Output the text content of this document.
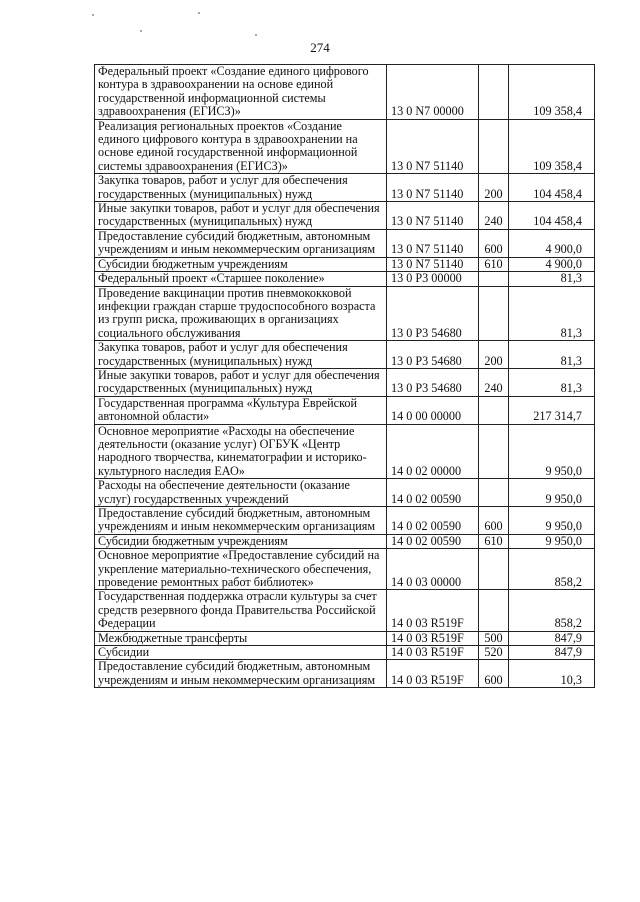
274
Федеральный проект «Создание единого цифрового контура в здравоохранении на основе единой государственной информационной системы здравоохранения (ЕГИСЗ)»	13 0 N7 00000		109 358,4
Реализация региональных проектов «Создание единого цифрового контура в здравоохранении на основе единой государственной информационной системы здравоохранения (ЕГИСЗ)»	13 0 N7 51140		109 358,4
Закупка товаров, работ и услуг для обеспечения государственных (муниципальных) нужд	13 0 N7 51140	200	104 458,4
Иные закупки товаров, работ и услуг для обеспечения государственных (муниципальных) нужд	13 0 N7 51140	240	104 458,4
Предоставление субсидий бюджетным, автономным учреждениям и иным некоммерческим организациям	13 0 N7 51140	600	4 900,0
Субсидии бюджетным учреждениям	13 0 N7 51140	610	4 900,0
Федеральный проект «Старшее поколение»	13 0 P3 00000		81,3
Проведение вакцинации против пневмококковой инфекции граждан старше трудоспособного возраста из групп риска, проживающих в организациях социального обслуживания	13 0 P3 54680		81,3
Закупка товаров, работ и услуг для обеспечения государственных (муниципальных) нужд	13 0 P3 54680	200	81,3
Иные закупки товаров, работ и услуг для обеспечения государственных (муниципальных) нужд	13 0 P3 54680	240	81,3
Государственная программа «Культура Еврейской автономной области»	14 0 00 00000		217 314,7
Основное мероприятие «Расходы на обеспечение деятельности (оказание услуг) ОГБУК «Центр народного творчества, кинематографии и историко-культурного наследия ЕАО»	14 0 02 00000		9 950,0
Расходы на обеспечение деятельности (оказание услуг) государственных учреждений	14 0 02 00590		9 950,0
Предоставление субсидий бюджетным, автономным учреждениям и иным некоммерческим организациям	14 0 02 00590	600	9 950,0
Субсидии бюджетным учреждениям	14 0 02 00590	610	9 950,0
Основное мероприятие «Предоставление субсидий на укрепление материально-технического обеспечения, проведение ремонтных работ библиотек»	14 0 03 00000		858,2
Государственная поддержка отрасли культуры за счет средств резервного фонда Правительства Российской Федерации	14 0 03 R519F		858,2
Межбюджетные трансферты	14 0 03 R519F	500	847,9
Субсидии	14 0 03 R519F	520	847,9
Предоставление субсидий бюджетным, автономным учреждениям и иным некоммерческим организациям	14 0 03 R519F	600	10,3
